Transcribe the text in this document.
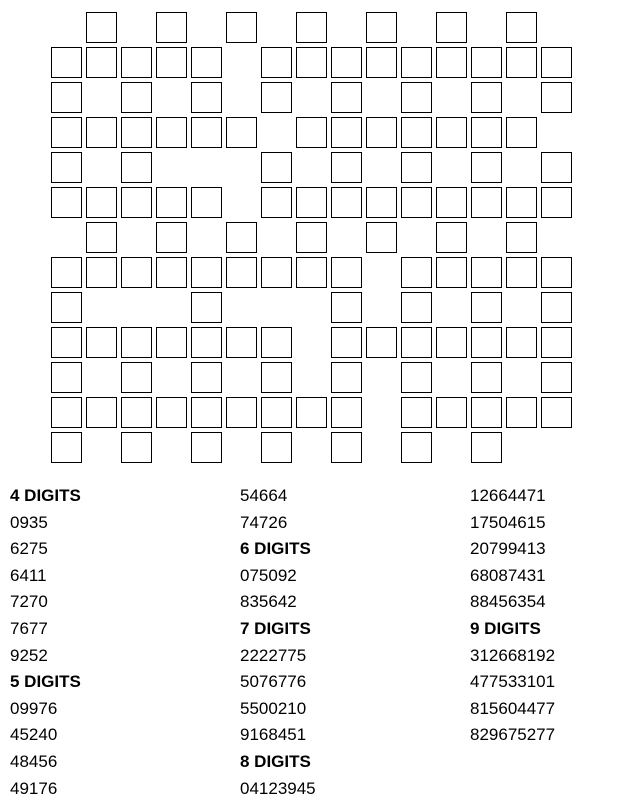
4 DIGITS
0935
6275
6411
7270
7677
9252
5 DIGITS
09976
45240
48456
49176
54664
74726
6 DIGITS
075092
835642
7 DIGITS
2222775
5076776
5500210
9168451
8 DIGITS
04123945
12664471
17504615
20799413
68087431
88456354
9 DIGITS
312668192
477533101
815604477
829675277
